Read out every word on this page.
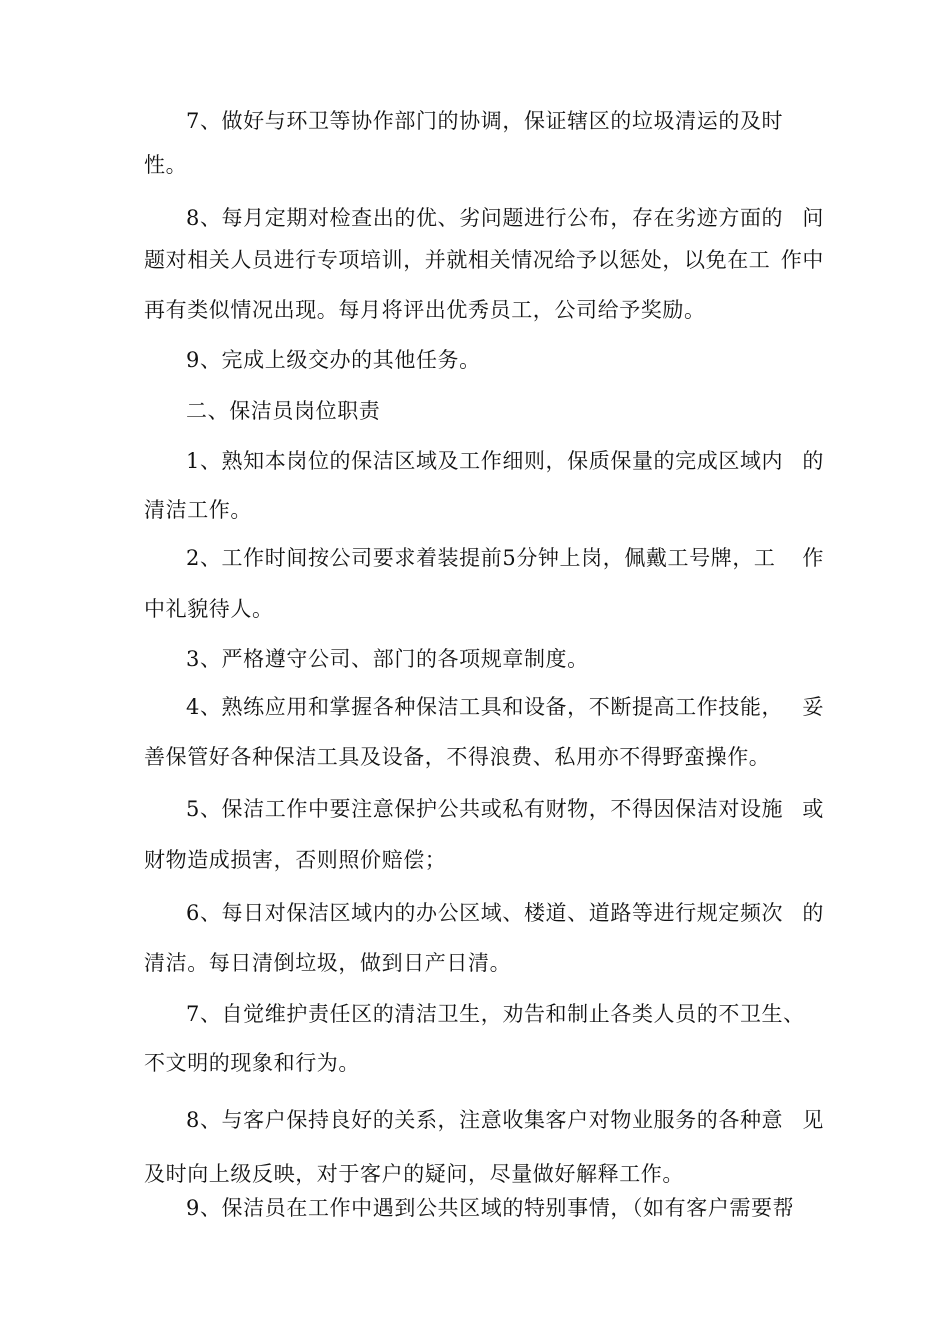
7、做好与环卫等协作部门的协调，保证辖区的垃圾清运的及时
性。
8、每月定期对检查出的优、劣问题进行公布，存在劣迹方面的 问
题对相关人员进行专项培训，并就相关情况给予以惩处，以免在工 作中
再有类似情况出现。每月将评出优秀员工，公司给予奖励。
9、完成上级交办的其他任务。
二、保洁员岗位职责
1、熟知本岗位的保洁区域及工作细则，保质保量的完成区域内 的
清洁工作。
2、工作时间按公司要求着装提前5分钟上岗，佩戴工号牌，工 作
中礼貌待人。
3、严格遵守公司、部门的各项规章制度。
4、熟练应用和掌握各种保洁工具和设备，不断提高工作技能， 妥
善保管好各种保洁工具及设备，不得浪费、私用亦不得野蛮操作。
5、保洁工作中要注意保护公共或私有财物，不得因保洁对设施 或
财物造成损害，否则照价赔偿；
6、每日对保洁区域内的办公区域、楼道、道路等进行规定频次 的
清洁。每日清倒垃圾，做到日产日清。
7、自觉维护责任区的清洁卫生，劝告和制止各类人员的不卫生、
不文明的现象和行为。
8、与客户保持良好的关系，注意收集客户对物业服务的各种意 见
及时向上级反映，对于客户的疑问，尽量做好解释工作。
9、保洁员在工作中遇到公共区域的特别事情，（如有客户需要帮
